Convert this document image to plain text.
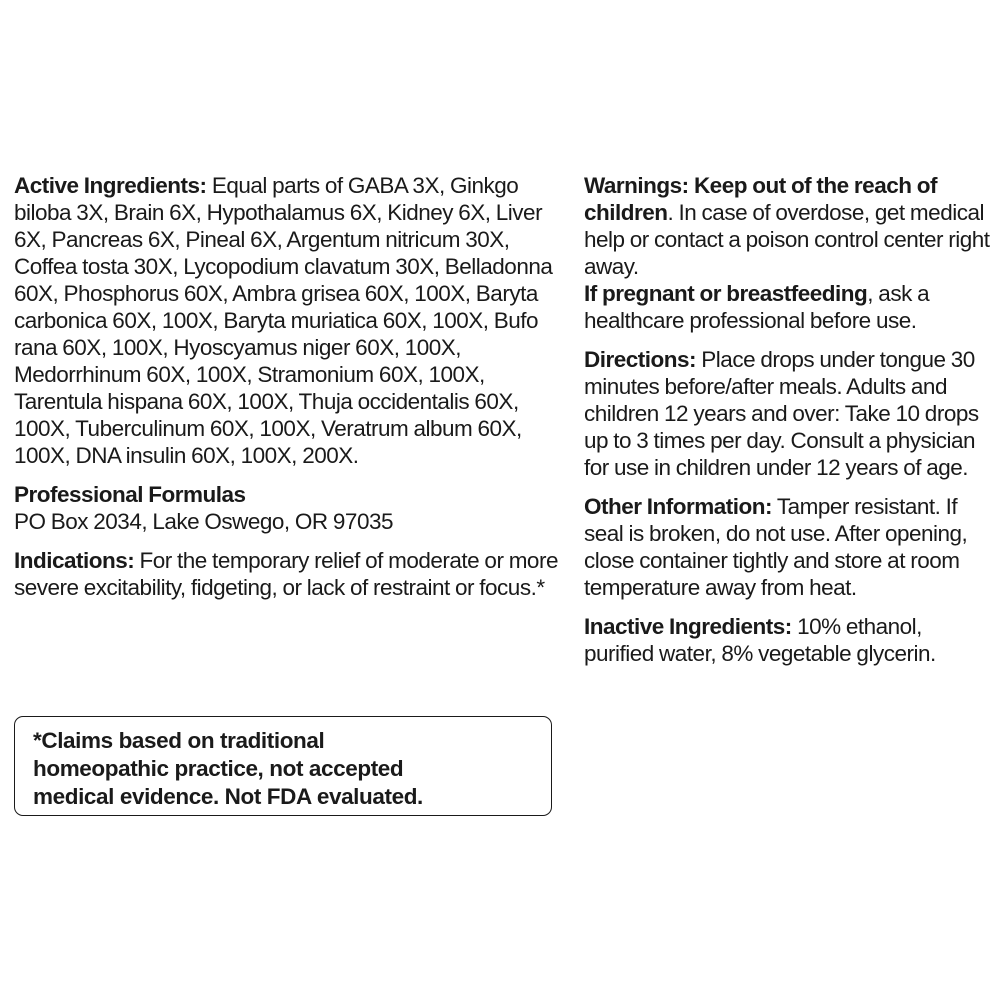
Active Ingredients: Equal parts of GABA 3X, Ginkgo biloba 3X, Brain 6X, Hypothalamus 6X, Kidney 6X, Liver 6X, Pancreas 6X, Pineal 6X, Argentum nitricum 30X, Coffea tosta 30X, Lycopodium clavatum 30X, Belladonna 60X, Phosphorus 60X, Ambra grisea 60X, 100X, Baryta carbonica 60X, 100X, Baryta muriatica 60X, 100X, Bufo rana 60X, 100X, Hyoscyamus niger 60X, 100X, Medorrhinum 60X, 100X, Stramonium 60X, 100X, Tarentula hispana 60X, 100X, Thuja occidentalis 60X, 100X, Tuberculinum 60X, 100X, Veratrum album 60X, 100X, DNA insulin 60X, 100X, 200X.

Professional Formulas

PO Box 2034, Lake Oswego, OR 97035

Indications: For the temporary relief of moderate or more severe excitability, fidgeting, or lack of restraint or focus.*

*Claims based on traditional
homeopathic practice, not accepted
medical evidence. Not FDA evaluated.

Warnings: Keep out of the reach of children. In case of overdose, get medical help or contact a poison control center right away.

If pregnant or breastfeeding, ask a healthcare professional before use.

Directions: Place drops under tongue 30 minutes before/after meals. Adults and children 12 years and over: Take 10 drops up to 3 times per day. Consult a physician for use in children under 12 years of age.

Other Information: Tamper resistant. If seal is broken, do not use. After opening, close container tightly and store at room temperature away from heat.

Inactive Ingredients: 10% ethanol, purified water, 8% vegetable glycerin.
